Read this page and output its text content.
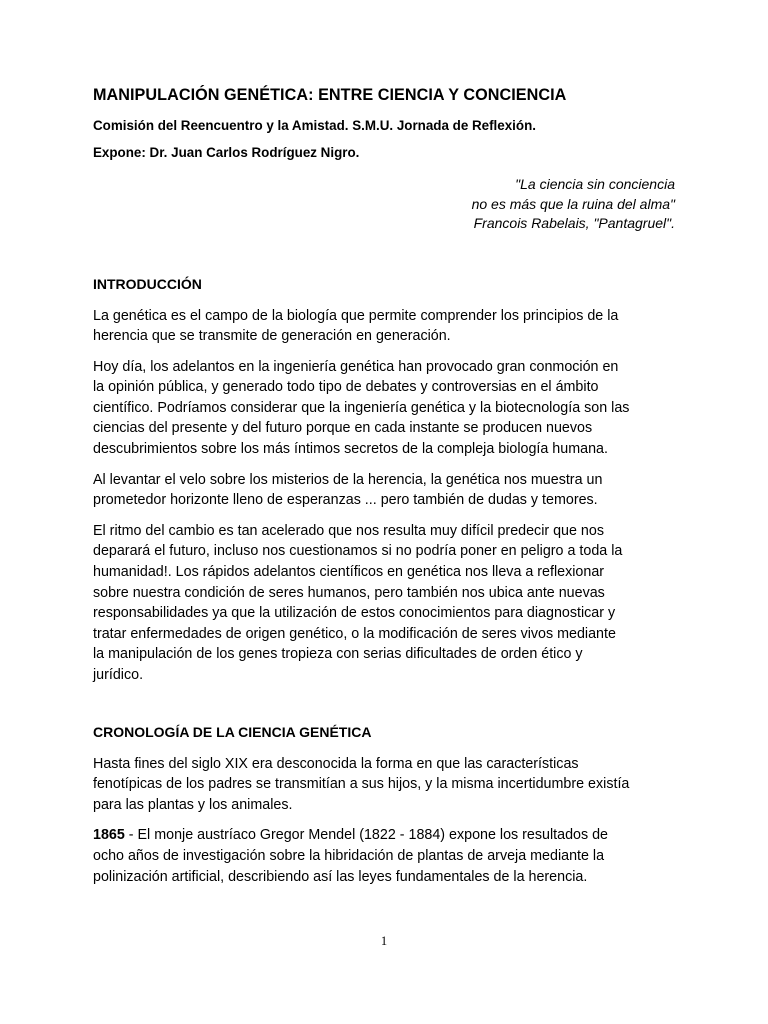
MANIPULACIÓN GENÉTICA: ENTRE CIENCIA Y CONCIENCIA

Comisión del Reencuentro y la Amistad. S.M.U. Jornada de Reflexión.

Expone: Dr. Juan Carlos Rodríguez Nigro.

"La ciencia sin conciencia
no es más que la ruina del alma"
Francois Rabelais, "Pantagruel".
INTRODUCCIÓN

La genética es el campo de la biología que permite comprender los principios de la
herencia que se transmite de generación en generación.

Hoy día, los adelantos en la ingeniería genética han provocado gran conmoción en
la opinión pública, y generado todo tipo de debates y controversias en el ámbito
científico. Podríamos considerar que la ingeniería genética y la biotecnología son las
ciencias del presente y del futuro porque en cada instante se producen nuevos
descubrimientos sobre los más íntimos secretos de la compleja biología humana.

Al levantar el velo sobre los misterios de la herencia, la genética nos muestra un
prometedor horizonte lleno de esperanzas ... pero también de dudas y temores.

El ritmo del cambio es tan acelerado que nos resulta muy difícil predecir que nos
deparará el futuro, incluso nos cuestionamos si no podría poner en peligro a toda la
humanidad!. Los rápidos adelantos científicos en genética nos lleva a reflexionar
sobre nuestra condición de seres humanos, pero también nos ubica ante nuevas
responsabilidades ya que la utilización de estos conocimientos para diagnosticar y
tratar enfermedades de origen genético, o la modificación de seres vivos mediante
la manipulación de los genes tropieza con serias dificultades de orden ético y
jurídico.

CRONOLOGÍA DE LA CIENCIA GENÉTICA

Hasta fines del siglo XIX era desconocida la forma en que las características
fenotípicas de los padres se transmitían a sus hijos, y la misma incertidumbre existía
para las plantas y los animales.

1865 - El monje austríaco Gregor Mendel (1822 - 1884) expone los resultados de
ocho años de investigación sobre la hibridación de plantas de arveja mediante la
polinización artificial, describiendo así las leyes fundamentales de la herencia.

1
